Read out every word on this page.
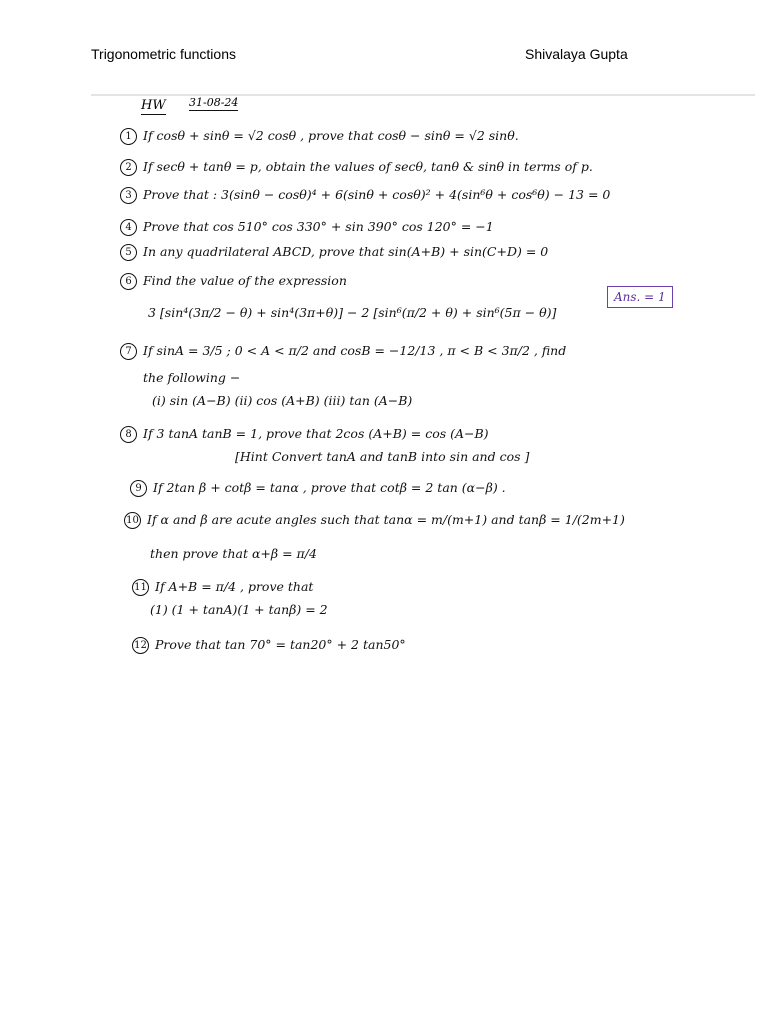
Trigonometric functions	Shivalaya Gupta
HW 31-08-24
1 If cosθ + sinθ = √2 cosθ , prove that cosθ − sinθ = √2 sinθ.
2 If secθ + tanθ = p, obtain the values of secθ, tanθ & sinθ in terms of p.
3 Prove that : 3(sinθ − cosθ)⁴ + 6(sinθ + cosθ)² + 4(sin⁶θ + cos⁶θ) − 13 = 0
4 Prove that cos 510° cos 330° + sin 390° cos 120° = −1
5 In any quadrilateral ABCD, prove that sin(A+B) + sin(C+D) = 0
6 Find the value of the expression
3 [sin⁴(3π/2 − θ) + sin⁴(3π+θ)] − 2 [sin⁶(π/2 + θ) + sin⁶(5π − θ)]
Ans. = 1
7 If sinA = 3/5 ; 0 < A < π/2 and cosB = −12/13 , π < B < 3π/2 , find
the following −
(i) sin (A−B) (ii) cos (A+B) (iii) tan (A−B)
8 If 3 tanA tanB = 1, prove that 2cos (A+B) = cos (A−B)
[Hint Convert tanA and tanB into sin and cos ]
9 If 2tan β + cotβ = tanα , prove that cotβ = 2 tan (α−β) .
10 If α and β are acute angles such that tanα = m/(m+1) and tanβ = 1/(2m+1)
then prove that α+β = π/4
11 If A+B = π/4 , prove that
(1) (1 + tanA)(1 + tanβ) = 2
12 Prove that tan 70° = tan20° + 2 tan50°
